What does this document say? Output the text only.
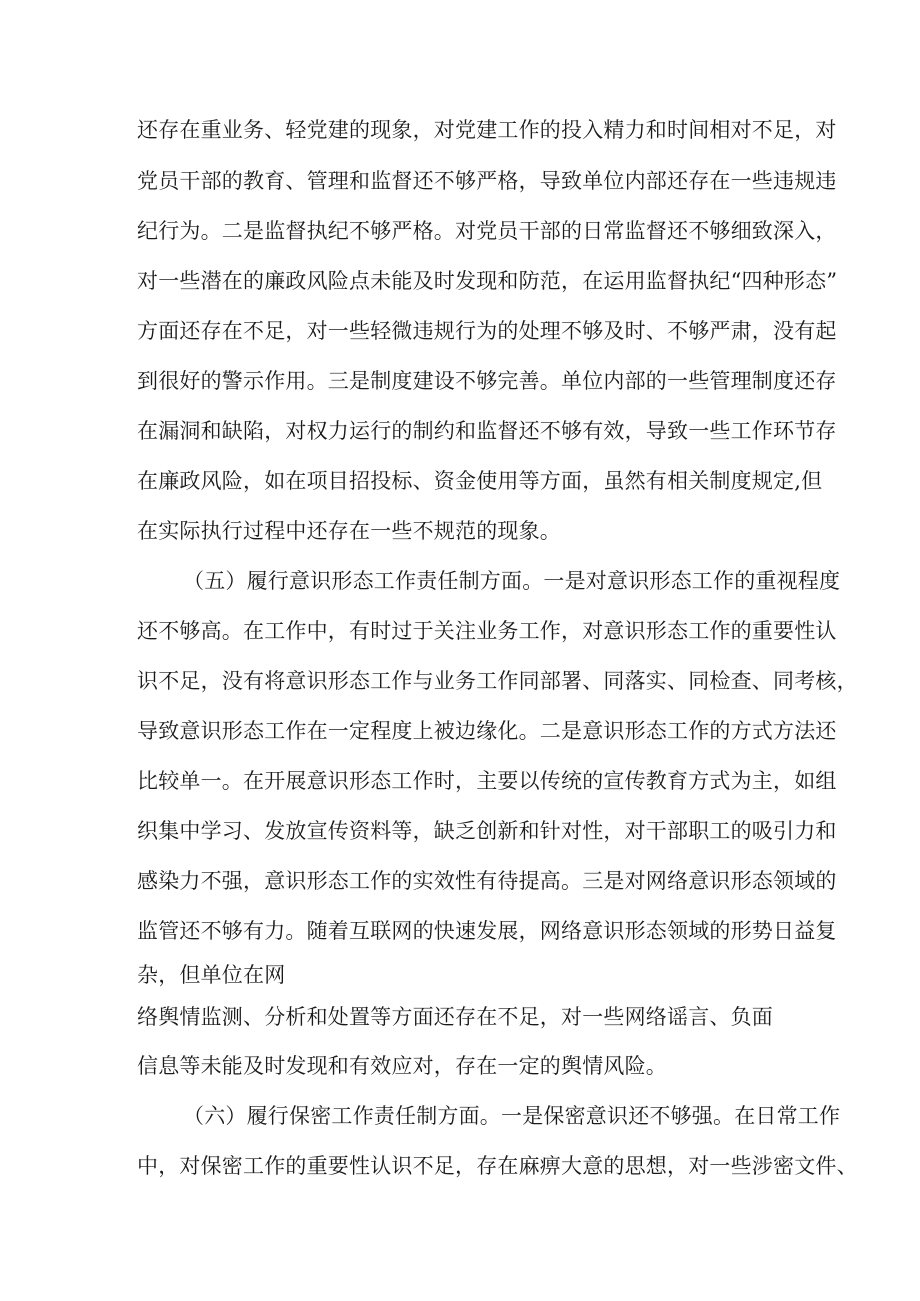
还存在重业务、轻党建的现象，对党建工作的投入精力和时间相对不足，对
党员干部的教育、管理和监督还不够严格，导致单位内部还存在一些违规违
纪行为。二是监督执纪不够严格。对党员干部的日常监督还不够细致深入，
对一些潜在的廉政风险点未能及时发现和防范，在运用监督执纪“四种形态”
方面还存在不足，对一些轻微违规行为的处理不够及时、不够严肃，没有起
到很好的警示作用。三是制度建设不够完善。单位内部的一些管理制度还存
在漏洞和缺陷，对权力运行的制约和监督还不够有效，导致一些工作环节存
在廉政风险，如在项目招投标、资金使用等方面，虽然有相关制度规定,但
在实际执行过程中还存在一些不规范的现象。
（五）履行意识形态工作责任制方面。一是对意识形态工作的重视程度
还不够高。在工作中，有时过于关注业务工作，对意识形态工作的重要性认
识不足，没有将意识形态工作与业务工作同部署、同落实、同检查、同考核，
导致意识形态工作在一定程度上被边缘化。二是意识形态工作的方式方法还
比较单一。在开展意识形态工作时，主要以传统的宣传教育方式为主，如组
织集中学习、发放宣传资料等，缺乏创新和针对性，对干部职工的吸引力和
感染力不强，意识形态工作的实效性有待提高。三是对网络意识形态领域的
监管还不够有力。随着互联网的快速发展，网络意识形态领域的形势日益复
杂，但单位在网
络舆情监测、分析和处置等方面还存在不足，对一些网络谣言、负面
信息等未能及时发现和有效应对，存在一定的舆情风险。
（六）履行保密工作责任制方面。一是保密意识还不够强。在日常工作
中，对保密工作的重要性认识不足，存在麻痹大意的思想，对一些涉密文件、
